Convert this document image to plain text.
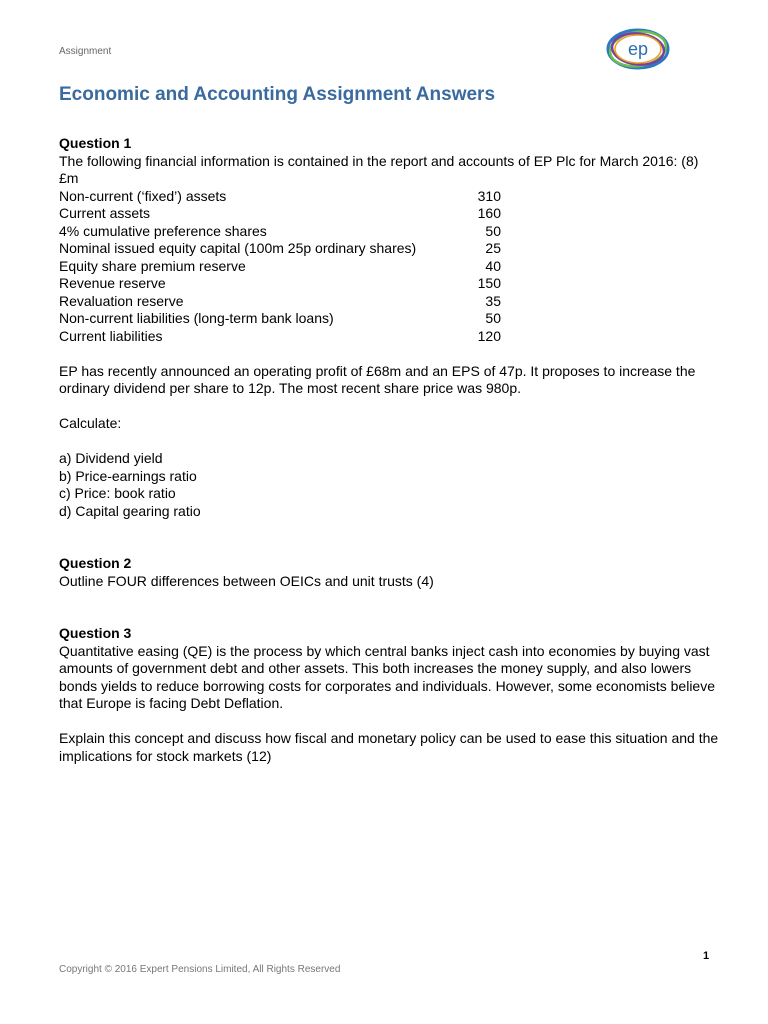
Assignment	ep
Economic and Accounting Assignment Answers

Question 1

The following financial information is contained in the report and accounts of EP Plc for March 2016: (8)

£m

Non-current (‘fixed’) assets	310
Current assets	160
4% cumulative preference shares	50
Nominal issued equity capital (100m 25p ordinary shares)	25
Equity share premium reserve	40
Revenue reserve	150
Revaluation reserve	35
Non-current liabilities (long-term bank loans)	50
Current liabilities	120

EP has recently announced an operating profit of £68m and an EPS of 47p. It proposes to increase the ordinary dividend per share to 12p. The most recent share price was 980p.

Calculate:

a) Dividend yield

b) Price-earnings ratio

c) Price: book ratio

d) Capital gearing ratio

Question 2

Outline FOUR differences between OEICs and unit trusts (4)

Question 3

Quantitative easing (QE) is the process by which central banks inject cash into economies by buying vast amounts of government debt and other assets. This both increases the money supply, and also lowers bonds yields to reduce borrowing costs for corporates and individuals. However, some economists believe that Europe is facing Debt Deflation.

Explain this concept and discuss how fiscal and monetary policy can be used to ease this situation and the implications for stock markets (12)

1
Copyright © 2016 Expert Pensions Limited, All Rights Reserved
